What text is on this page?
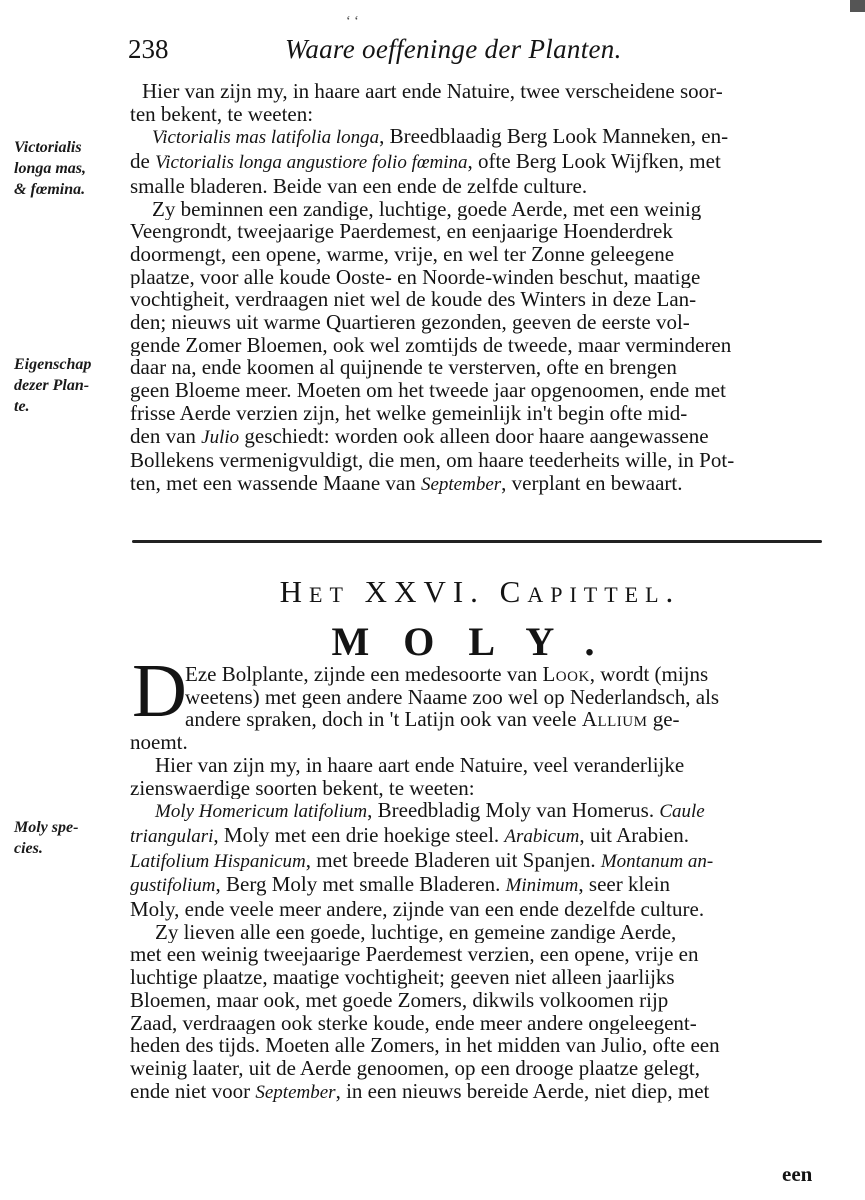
‘ ‘
238	Waare oeffeninge der Planten.
Victorialis
longa mas,
& fœmina.
Eigenschap
dezer Plan-
te.
Moly spe-
cies.
Hier van zijn my, in haare aart ende Natuire, twee verscheidene soor-
ten bekent, te weeten:
Victorialis mas latifolia longa, Breedblaadig Berg Look Manneken, en-
de Victorialis longa angustiore folio fœmina, ofte Berg Look Wijfken, met
smalle bladeren. Beide van een ende de zelfde culture.
Zy beminnen een zandige, luchtige, goede Aerde, met een weinig
Veengrondt, tweejaarige Paerdemest, en eenjaarige Hoenderdrek
doormengt, een opene, warme, vrije, en wel ter Zonne geleegene
plaatze, voor alle koude Ooste- en Noorde-winden beschut, maatige
vochtigheit, verdraagen niet wel de koude des Winters in deze Lan-
den; nieuws uit warme Quartieren gezonden, geeven de eerste vol-
gende Zomer Bloemen, ook wel zomtijds de tweede, maar verminderen
daar na, ende koomen al quijnende te versterven, ofte en brengen
geen Bloeme meer. Moeten om het tweede jaar opgenoomen, ende met
frisse Aerde verzien zijn, het welke gemeinlijk in't begin ofte mid-
den van Julio geschiedt: worden ook alleen door haare aangewassene
Bollekens vermenigvuldigt, die men, om haare teederheits wille, in Pot-
ten, met een wassende Maane van September, verplant en bewaart.
Het XXVI. Capittel.
MOLY.
D
Eze Bolplante, zijnde een medesoorte van Look, wordt (mijns
weetens) met geen andere Naame zoo wel op Nederlandsch, als
andere spraken, doch in 't Latijn ook van veele Allium ge-
noemt.
Hier van zijn my, in haare aart ende Natuire, veel veranderlijke
zienswaerdige soorten bekent, te weeten:
Moly Homericum latifolium, Breedbladig Moly van Homerus. Caule
triangulari, Moly met een drie hoekige steel. Arabicum, uit Arabien.
Latifolium Hispanicum, met breede Bladeren uit Spanjen. Montanum an-
gustifolium, Berg Moly met smalle Bladeren. Minimum, seer klein
Moly, ende veele meer andere, zijnde van een ende dezelfde culture.
Zy lieven alle een goede, luchtige, en gemeine zandige Aerde,
met een weinig tweejaarige Paerdemest verzien, een opene, vrije en
luchtige plaatze, maatige vochtigheit; geeven niet alleen jaarlijks
Bloemen, maar ook, met goede Zomers, dikwils volkoomen rijp
Zaad, verdraagen ook sterke koude, ende meer andere ongeleegent-
heden des tijds. Moeten alle Zomers, in het midden van Julio, ofte een
weinig laater, uit de Aerde genoomen, op een drooge plaatze gelegt,
ende niet voor September, in een nieuws bereide Aerde, niet diep, met
een
